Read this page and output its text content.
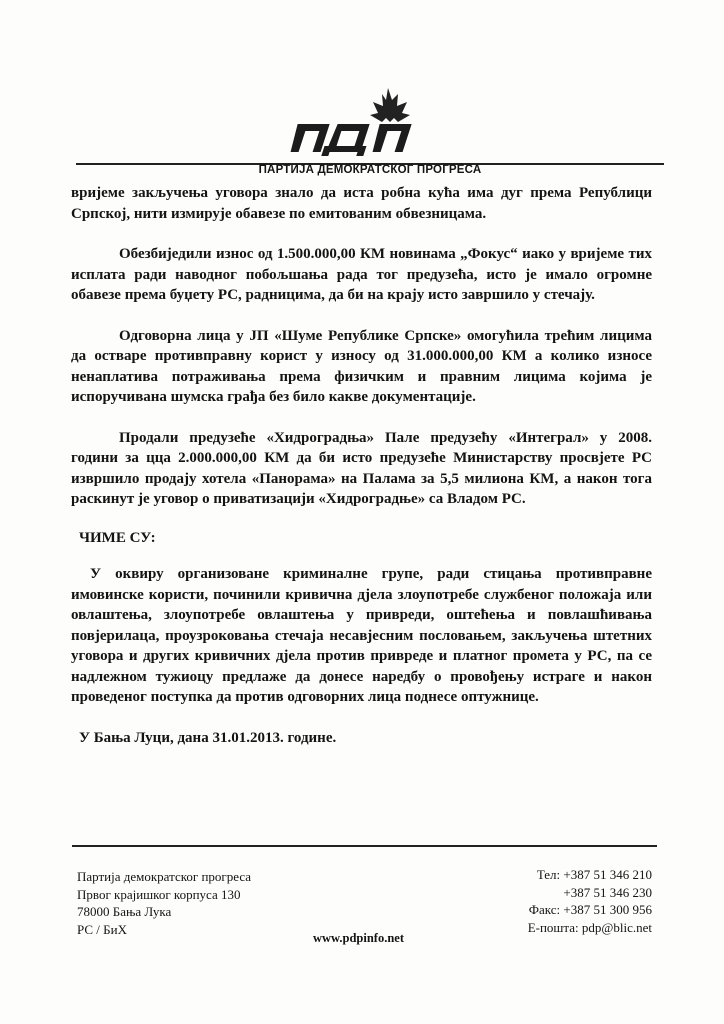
ПДП
ПАРТИЈА ДЕМОКРАТСКОГ ПРОГРЕСА

вријеме закључења уговора знало да иста робна кућа има дуг према Републици Српској, нити измирује обавезе по емитованим обвезницама.

Обезбиједили износ од 1.500.000,00 КМ новинама „Фокус“ иако у вријеме тих исплата ради наводног побољшања рада тог предузећа, исто је имало огромне обавезе према буџету РС, радницима, да би на крају исто завршило у стечају.

Одговорна лица у ЈП «Шуме Републике Српске» омогућила трећим лицима да остваре противправну корист у износу од 31.000.000,00 КМ а колико износе ненаплатива потраживања према физичким и правним лицима којима је испоручивана шумска грађа без било какве документације.

Продали предузеће «Хидроградња» Пале предузећу «Интеграл» у 2008. години за цца 2.000.000,00 КМ да би исто предузеће Министарству просвјете РС извршило продају хотела «Панорама» на Палама за 5,5 милиона КМ, а након тога раскинут је уговор о приватизацији «Хидроградње» са Владом РС.

ЧИМЕ СУ:

У оквиру организоване криминалне групе, ради стицања противправне имовинске користи, починили кривична дјела злоупотребе службеног положаја или овлаштења, злоупотребе овлаштења у привреди, оштећења и повлашћивања повјерилаца, проузроковања стечаја несавјесним пословањем, закључења штетних уговора и других кривичних дјела против привреде и платног промета у РС, па се надлежном тужиоцу предлаже да донесе наредбу о провођењу истраге и након проведеног поступка да против одговорних лица поднесе оптужнице.

У Бањa Луци, дана 31.01.2013. године.

Партија демократског прогреса
Првог крајишког корпуса 130
78000 Бања Лука
РС / БиХ
Тел: +387 51 346 210
+387 51 346 230
Факс: +387 51 300 956
Е-пошта: pdp@blic.net
www.pdpinfo.net
